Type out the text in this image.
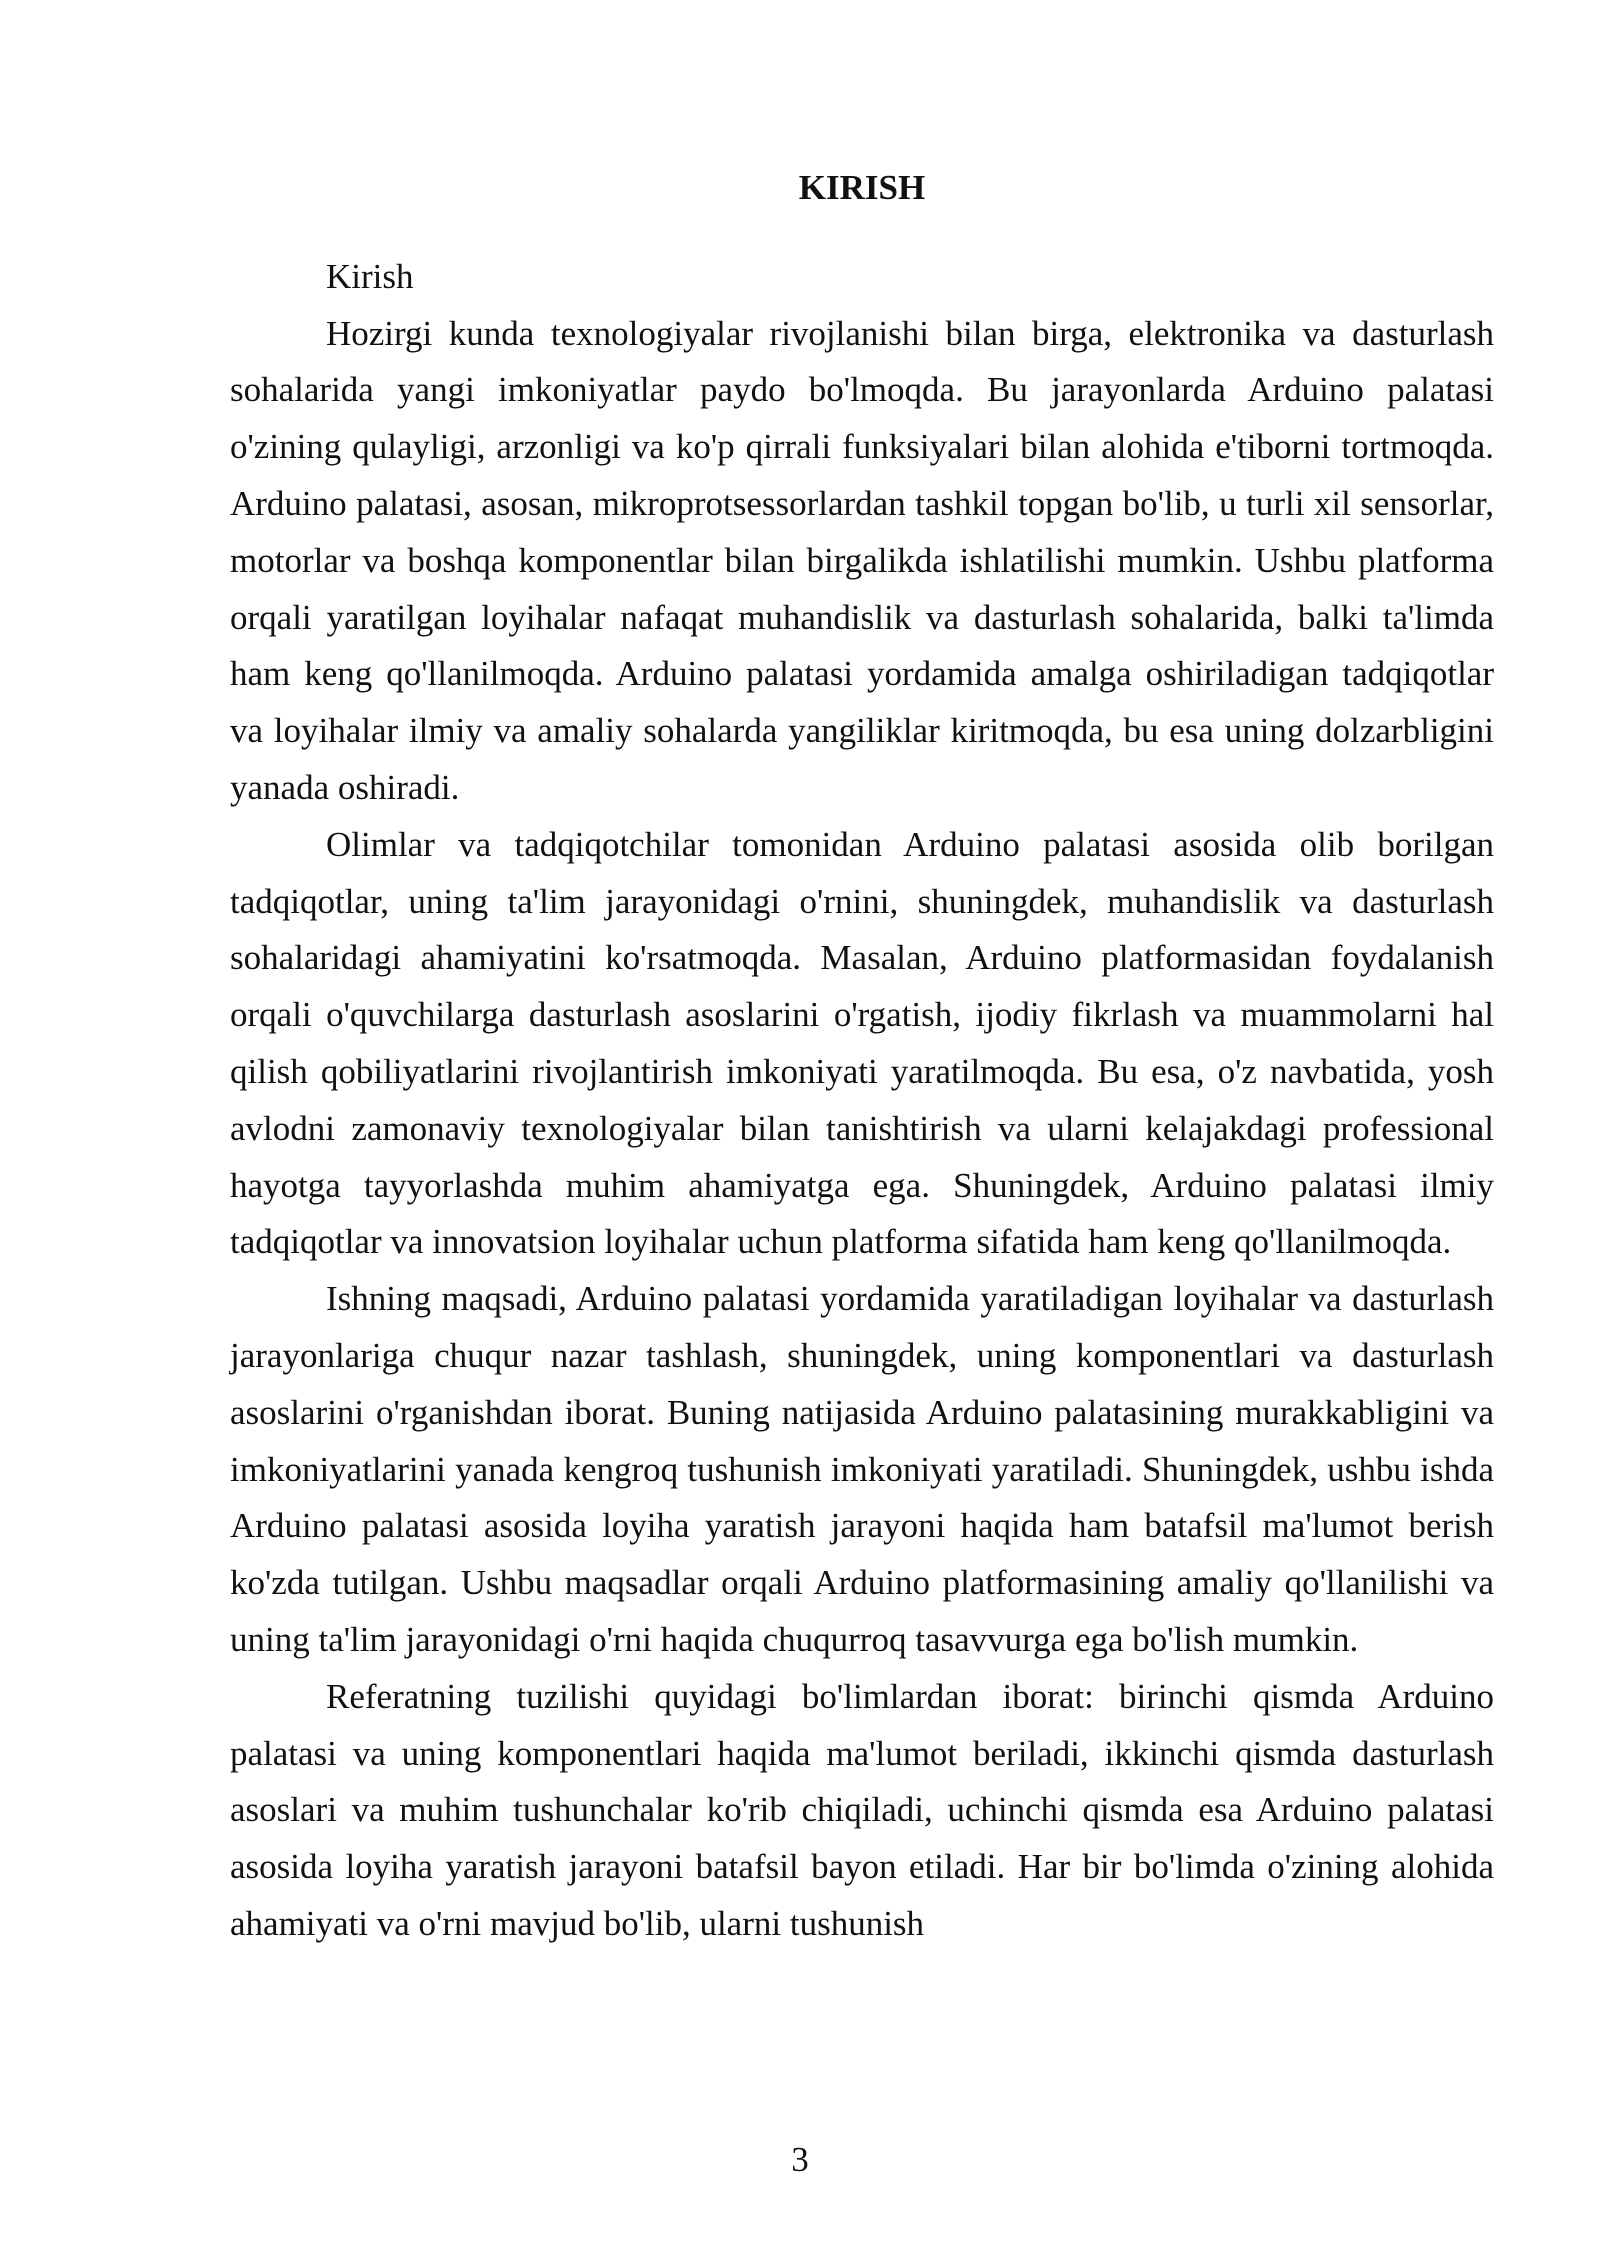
KIRISH

Kirish

Hozirgi kunda texnologiyalar rivojlanishi bilan birga, elektronika va dasturlash sohalarida yangi imkoniyatlar paydo bo'lmoqda. Bu jarayonlarda Arduino palatasi o'zining qulayligi, arzonligi va ko'p qirrali funksiyalari bilan alohida e'tiborni tortmoqda. Arduino palatasi, asosan, mikroprotsessorlardan tashkil topgan bo'lib, u turli xil sensorlar, motorlar va boshqa komponentlar bilan birgalikda ishlatilishi mumkin. Ushbu platforma orqali yaratilgan loyihalar nafaqat muhandislik va dasturlash sohalarida, balki ta'limda ham keng qo'llanilmoqda. Arduino palatasi yordamida amalga oshiriladigan tadqiqotlar va loyihalar ilmiy va amaliy sohalarda yangiliklar kiritmoqda, bu esa uning dolzarbligini yanada oshiradi.

Olimlar va tadqiqotchilar tomonidan Arduino palatasi asosida olib borilgan tadqiqotlar, uning ta'lim jarayonidagi o'rnini, shuningdek, muhandislik va dasturlash sohalaridagi ahamiyatini ko'rsatmoqda. Masalan, Arduino platformasidan foydalanish orqali o'quvchilarga dasturlash asoslarini o'rgatish, ijodiy fikrlash va muammolarni hal qilish qobiliyatlarini rivojlantirish imkoniyati yaratilmoqda. Bu esa, o'z navbatida, yosh avlodni zamonaviy texnologiyalar bilan tanishtirish va ularni kelajakdagi professional hayotga tayyorlashda muhim ahamiyatga ega. Shuningdek, Arduino palatasi ilmiy tadqiqotlar va innovatsion loyihalar uchun platforma sifatida ham keng qo'llanilmoqda.

Ishning maqsadi, Arduino palatasi yordamida yaratiladigan loyihalar va dasturlash jarayonlariga chuqur nazar tashlash, shuningdek, uning komponentlari va dasturlash asoslarini o'rganishdan iborat. Buning natijasida Arduino palatasining murakkabligini va imkoniyatlarini yanada kengroq tushunish imkoniyati yaratiladi. Shuningdek, ushbu ishda Arduino palatasi asosida loyiha yaratish jarayoni haqida ham batafsil ma'lumot berish ko'zda tutilgan. Ushbu maqsadlar orqali Arduino platformasining amaliy qo'llanilishi va uning ta'lim jarayonidagi o'rni haqida chuqurroq tasavvurga ega bo'lish mumkin.

Referatning tuzilishi quyidagi bo'limlardan iborat: birinchi qismda Arduino palatasi va uning komponentlari haqida ma'lumot beriladi, ikkinchi qismda dasturlash asoslari va muhim tushunchalar ko'rib chiqiladi, uchinchi qismda esa Arduino palatasi asosida loyiha yaratish jarayoni batafsil bayon etiladi. Har bir bo'limda o'zining alohida ahamiyati va o'rni mavjud bo'lib, ularni tushunish

3
